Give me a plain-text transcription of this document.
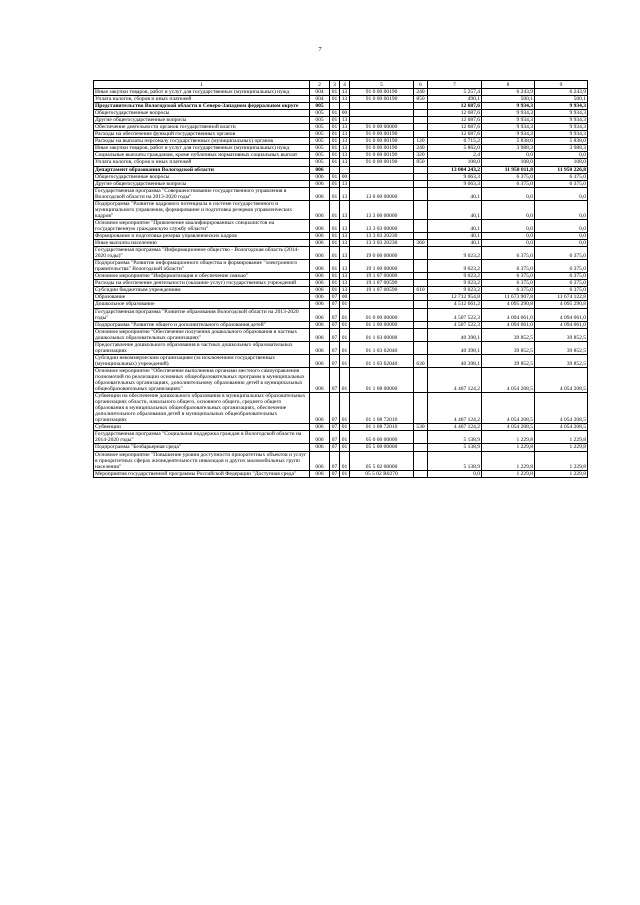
7
1	2	3	4	5	6	7	8	9
Иные закупки товаров, работ и услуг для государственных (муниципальных) нужд	004	01	13	91 0 00 00190	240	5 257,4	6 243,9	6 243,9
Уплата налогов, сборов и иных платежей	004	01	13	91 0 00 00190	850	490,1	500,1	500,1
Представительство Вологодской области в Северо-Западном федеральном округе	005					12 687,6	9 934,3	9 934,3
Общегосударственные вопросы	005	01	00			12 687,6	9 934,3	9 934,3
Другие общегосударственные вопросы	005	01	13			12 687,6	9 934,3	9 934,3
Обеспечение деятельности органов государственной власти	005	01	13	91 0 00 00000		12 687,6	9 934,3	9 934,3
Расходы на обеспечение функций государственных органов	005	01	13	91 0 00 00190		12 687,6	9 934,3	9 934,3
Расходы на выплаты персоналу государственных (муниципальных) органов	005	01	13	91 0 00 00190	120	6 715,2	5 838,0	5 838,0
Иные закупки товаров, работ и услуг для государственных (муниципальных) нужд	005	01	13	91 0 00 00190	240	5 862,0	3 988,3	3 988,3
Социальные выплаты гражданам, кроме публичных нормативных социальных выплат	005	01	13	91 0 00 00190	320	2,4	0,0	0,0
Уплата налогов, сборов и иных платежей	005	01	13	91 0 00 00190	850	108,0	108,0	108,0
Департамент образования Вологодской области	006					13 004 243,2	11 950 011,8	11 950 226,8
Общегосударственные вопросы	006	01	00			9 063,3	6 375,0	6 375,0
Другие общегосударственные вопросы	006	01	13			9 063,3	6 375,0	6 375,0
Государственная программа "Совершенствование государственного управления в Вологодской области на 2013-2020 годы"	006	01	13	13 0 00 00000		40,1	0,0	0,0
Подпрограмма "Развитие кадрового потенциала в системе государственного и муниципального управления, формирование и подготовка резервов управленческих кадров"	006	01	13	13 3 00 00000		40,1	0,0	0,0
Основное мероприятие "Привлечение квалифицированных специалистов на государственную гражданскую службу области"	006	01	13	13 3 03 00000		40,1	0,0	0,0
Формирование и подготовка резерва управленческих кадров	006	01	13	13 3 03 20230		40,1	0,0	0,0
Иные выплаты населению	006	01	13	13 3 03 20230	360	40,1	0,0	0,0
Государственная программа "Информационное общество - Вологодская область (2014-2020 годы)"	006	01	13	19 0 00 00000		9 023,2	6 375,0	6 375,0
Подпрограмма "Развитие информационного общества и формирование "электронного правительства" Вологодской области"	006	01	13	19 1 00 00000		9 023,2	6 375,0	6 375,0
Основное мероприятие "Информатизация и обеспечение связью"	006	01	13	19 1 07 00000		9 023,2	6 375,0	6 375,0
Расходы на обеспечение деятельности (оказание услуг) государственных учреждений	006	01	13	19 1 07 00590		9 023,2	6 375,0	6 375,0
Субсидии бюджетным учреждениям	006	01	13	19 1 07 00590	610	9 023,2	6 375,0	6 375,0
Образование	006	07	00			12 712 954,8	11 673 907,8	11 674 122,8
Дошкольное образование	006	07	01			4 512 661,2	4 095 290,8	4 095 290,8
Государственная программа "Развитие образования Вологодской области на 2013-2020 годы"	006	07	01	01 0 00 00000		4 507 522,3	4 094 061,0	4 094 061,0
Подпрограмма "Развитие общего и дополнительного образования детей"	006	07	01	01 1 00 00000		4 507 522,3	4 094 061,0	4 094 061,0
Основное мероприятие "Обеспечение получения дошкольного образования в частных дошкольных образовательных организациях"	006	07	01	01 1 03 00000		40 398,1	39 852,5	39 852,5
Предоставление дошкольного образования в частных дошкольных образовательных организациях	006	07	01	01 1 03 62040		40 398,1	39 852,5	39 852,5
Субсидии некоммерческим организациям (за исключением государственных (муниципальных) учреждений)	006	07	01	01 1 03 62040	630	40 398,1	39 852,5	39 852,5
Основное мероприятие "Обеспечение выполнения органами местного самоуправления полномочий по реализации основных общеобразовательных программ в муниципальных образовательных организациях, дополнительному образованию детей в муниципальных общеобразовательных организациях"	006	07	01	01 1 08 00000		4 467 124,2	4 054 208,5	4 054 208,5
Субвенции на обеспечение дошкольного образования в муниципальных образовательных организациях области, начального общего, основного общего, среднего общего образования в муниципальных общеобразовательных организациях, обеспечение дополнительного образования детей в муниципальных общеобразовательных организациях	006	07	01	01 1 08 72010		4 467 124,2	4 054 208,5	4 054 208,5
Субвенции	006	07	01	01 1 08 72010	530	4 467 124,2	4 054 208,5	4 054 208,5
Государственная программа "Социальная поддержка граждан в Вологодской области на 2014-2020 годы"	006	07	01	05 0 00 00000		5 138,9	1 229,8	1 229,8
Подпрограмма "Безбарьерная среда"	006	07	01	05 5 00 00000		5 138,9	1 229,8	1 229,8
Основное мероприятие "Повышение уровня доступности приоритетных объектов и услуг в приоритетных сферах жизнедеятельности инвалидов и других маломобильных групп населения"	006	07	01	05 5 02 00000		5 138,9	1 229,8	1 229,8
Мероприятия государственной программы Российской Федерации "Доступная среда"	006	07	01	05 5 02 R0270		0,0	1 229,8	1 229,8
